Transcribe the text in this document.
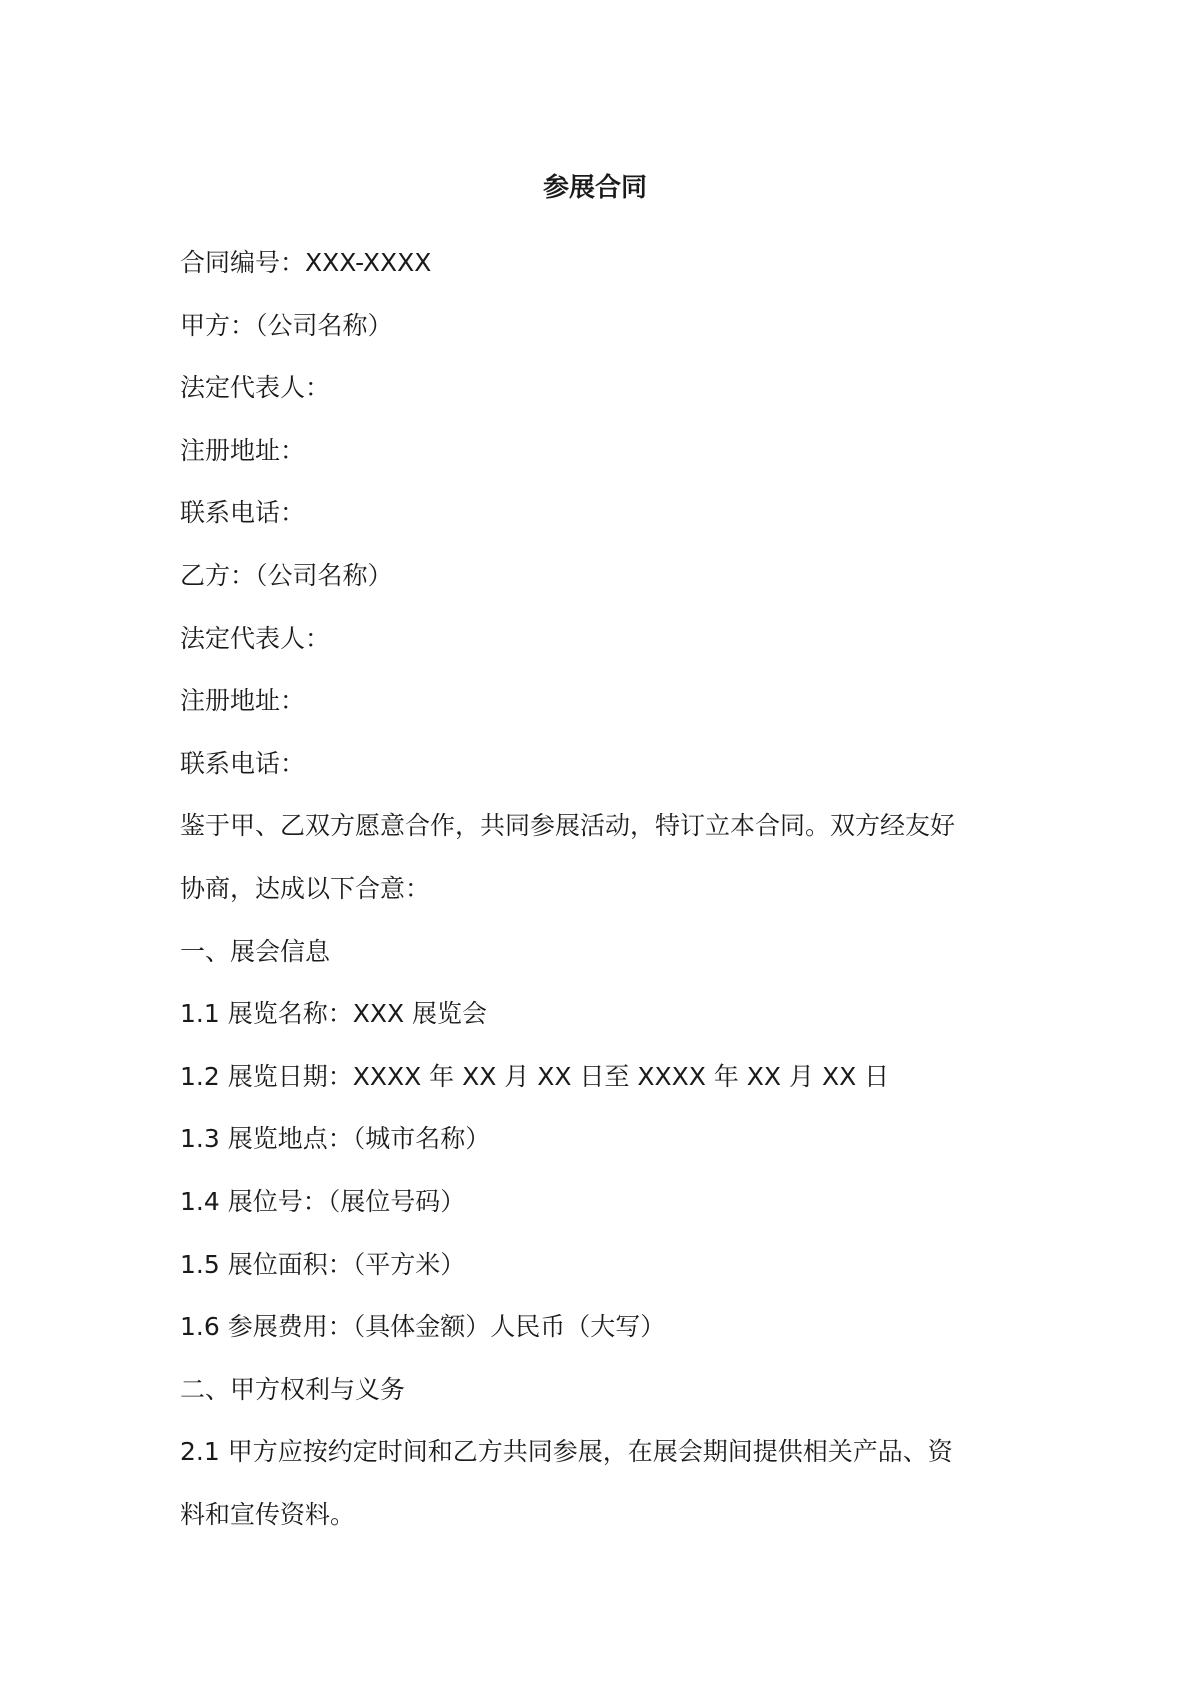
参展合同

合同编号：XXX-XXXX

甲方：（公司名称）

法定代表人：

注册地址：

联系电话：

乙方：（公司名称）

法定代表人：

注册地址：

联系电话：

鉴于甲、乙双方愿意合作，共同参展活动，特订立本合同。双方经友好

协商，达成以下合意：

一、展会信息

1.1 展览名称：XXX 展览会

1.2 展览日期：XXXX 年 XX 月 XX 日至 XXXX 年 XX 月 XX 日

1.3 展览地点：（城市名称）

1.4 展位号：（展位号码）

1.5 展位面积：（平方米）

1.6 参展费用：（具体金额）人民币（大写）

二、甲方权利与义务

2.1 甲方应按约定时间和乙方共同参展，在展会期间提供相关产品、资

料和宣传资料。
